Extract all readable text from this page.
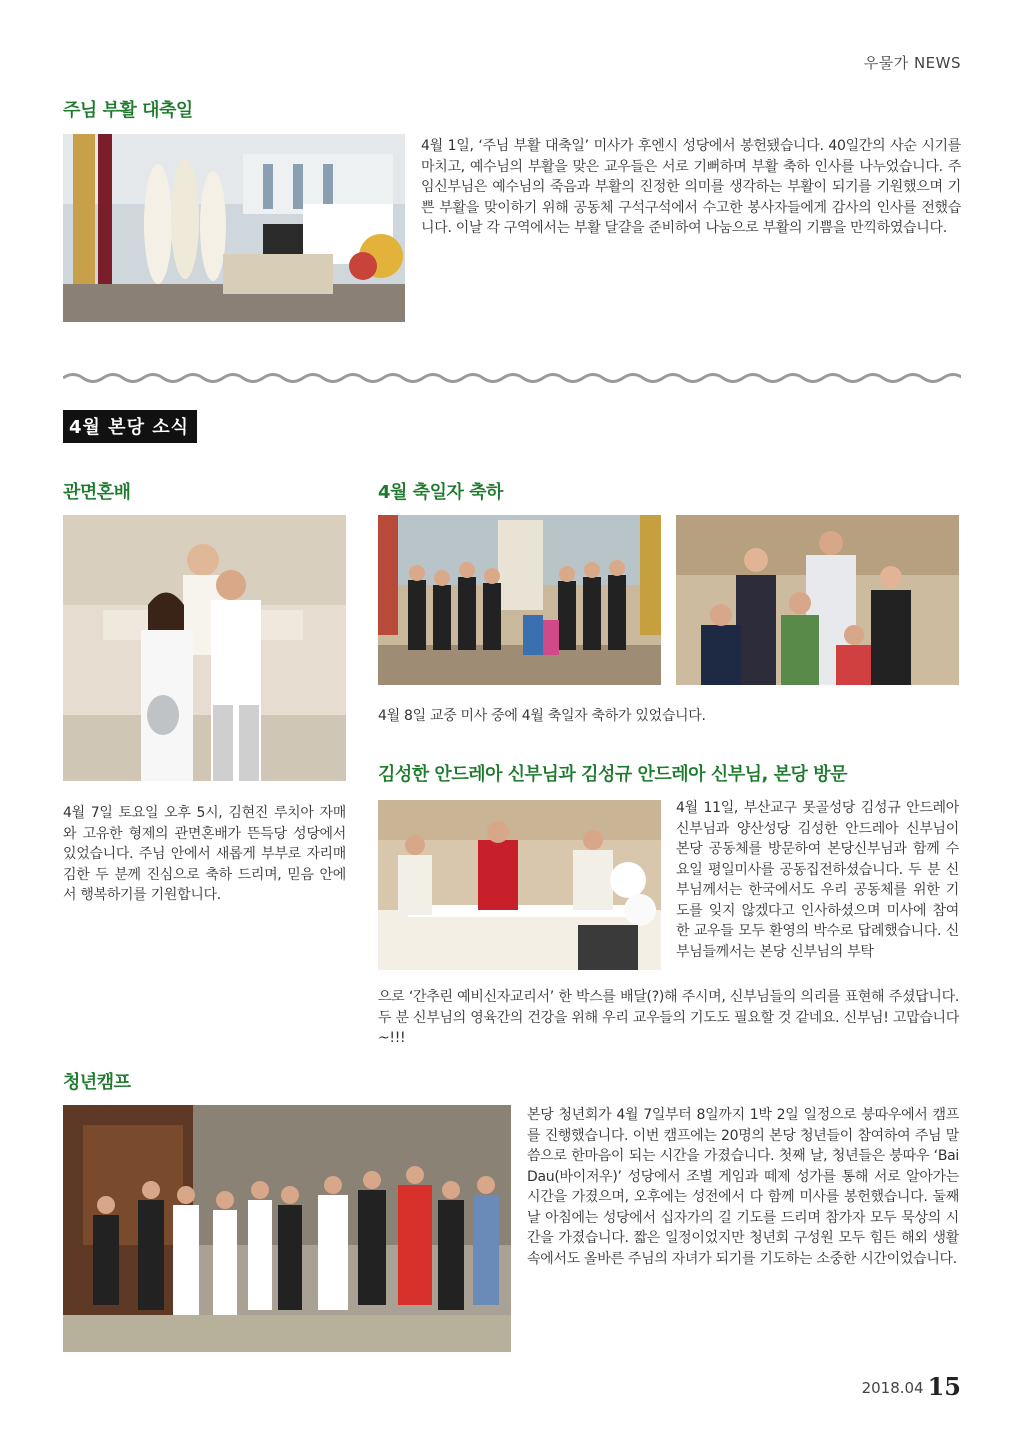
우물가 NEWS
주님 부활 대축일
4월 1일, ‘주님 부활 대축일’ 미사가 후엔시 성당에서 봉헌됐습니다. 40일간의 사순 시기를 마치고, 예수님의 부활을 맞은 교우들은 서로 기뻐하며 부활 축하 인사를 나누었습니다. 주임신부님은 예수님의 죽음과 부활의 진정한 의미를 생각하는 부활이 되기를 기원했으며 기쁜 부활을 맞이하기 위해 공동체 구석구석에서 수고한 봉사자들에게 감사의 인사를 전했습니다. 이날 각 구역에서는 부활 달걀을 준비하여 나눔으로 부활의 기쁨을 만끽하였습니다.
4월 본당 소식
관면혼배
4월 7일 토요일 오후 5시, 김현진 루치아 자매와 고유한 형제의 관면혼배가 뜬득당 성당에서 있었습니다. 주님 안에서 새롭게 부부로 자리매김한 두 분께 진심으로 축하 드리며, 믿음 안에서 행복하기를 기원합니다.
4월 축일자 축하
4월 8일 교중 미사 중에 4월 축일자 축하가 있었습니다.
김성한 안드레아 신부님과 김성규 안드레아 신부님, 본당 방문
4월 11일, 부산교구 못골성당 김성규 안드레아 신부님과 양산성당 김성한 안드레아 신부님이 본당 공동체를 방문하여 본당신부님과 함께 수요일 평일미사를 공동집전하셨습니다. 두 분 신부님께서는 한국에서도 우리 공동체를 위한 기도를 잊지 않겠다고 인사하셨으며 미사에 참여한 교우들 모두 환영의 박수로 답례했습니다. 신부님들께서는 본당 신부님의 부탁
으로 ‘간추린 예비신자교리서’ 한 박스를 배달(?)해 주시며, 신부님들의 의리를 표현해 주셨답니다. 두 분 신부님의 영육간의 건강을 위해 우리 교우들의 기도도 필요할 것 같네요. 신부님! 고맙습니다~!!!
청년캠프
본당 청년회가 4월 7일부터 8일까지 1박 2일 일정으로 붕따우에서 캠프를 진행했습니다. 이번 캠프에는 20명의 본당 청년들이 참여하여 주님 말씀으로 한마음이 되는 시간을 가졌습니다. 첫째 날, 청년들은 붕따우 ‘Bai Dau(바이저우)’ 성당에서 조별 게임과 떼제 성가를 통해 서로 알아가는 시간을 가졌으며, 오후에는 성전에서 다 함께 미사를 봉헌했습니다. 둘째 날 아침에는 성당에서 십자가의 길 기도를 드리며 참가자 모두 묵상의 시간을 가졌습니다. 짧은 일정이었지만 청년회 구성원 모두 힘든 해외 생활 속에서도 올바른 주님의 자녀가 되기를 기도하는 소중한 시간이었습니다.
2018.04 15
